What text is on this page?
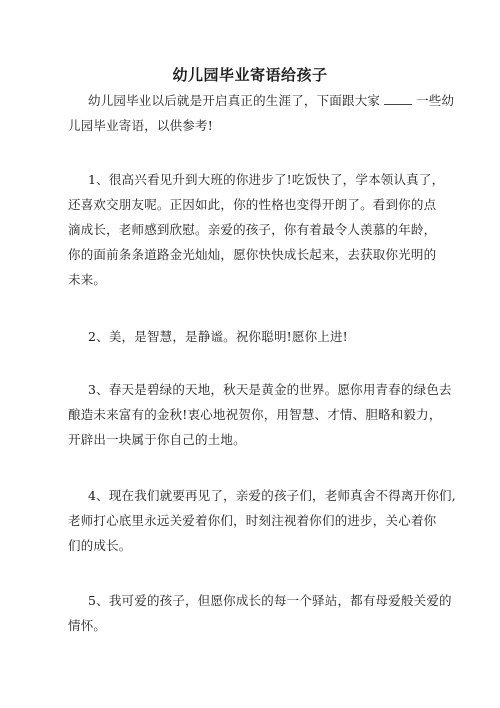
幼儿园毕业寄语给孩子
幼儿园毕业以后就是开启真正的生涯了，下面跟大家	一些幼
儿园毕业寄语，以供参考!
1、很高兴看见升到大班的你进步了!吃饭快了，学本领认真了，
还喜欢交朋友呢。正因如此，你的性格也变得开朗了。看到你的点
滴成长，老师感到欣慰。亲爱的孩子，你有着最令人羡慕的年龄，
你的面前条条道路金光灿灿，愿你快快成长起来，去获取你光明的
未来。
2、美，是智慧，是静谧。祝你聪明!愿你上进!
3、春天是碧绿的天地，秋天是黄金的世界。愿你用青春的绿色去
酿造未来富有的金秋!衷心地祝贺你，用智慧、才情、胆略和毅力，
开辟出一块属于你自己的土地。
4、现在我们就要再见了，亲爱的孩子们，老师真舍不得离开你们,
老师打心底里永远关爱着你们，时刻注视着你们的进步，关心着你
们的成长。
5、我可爱的孩子，但愿你成长的每一个驿站，都有母爱般关爱的
情怀。
